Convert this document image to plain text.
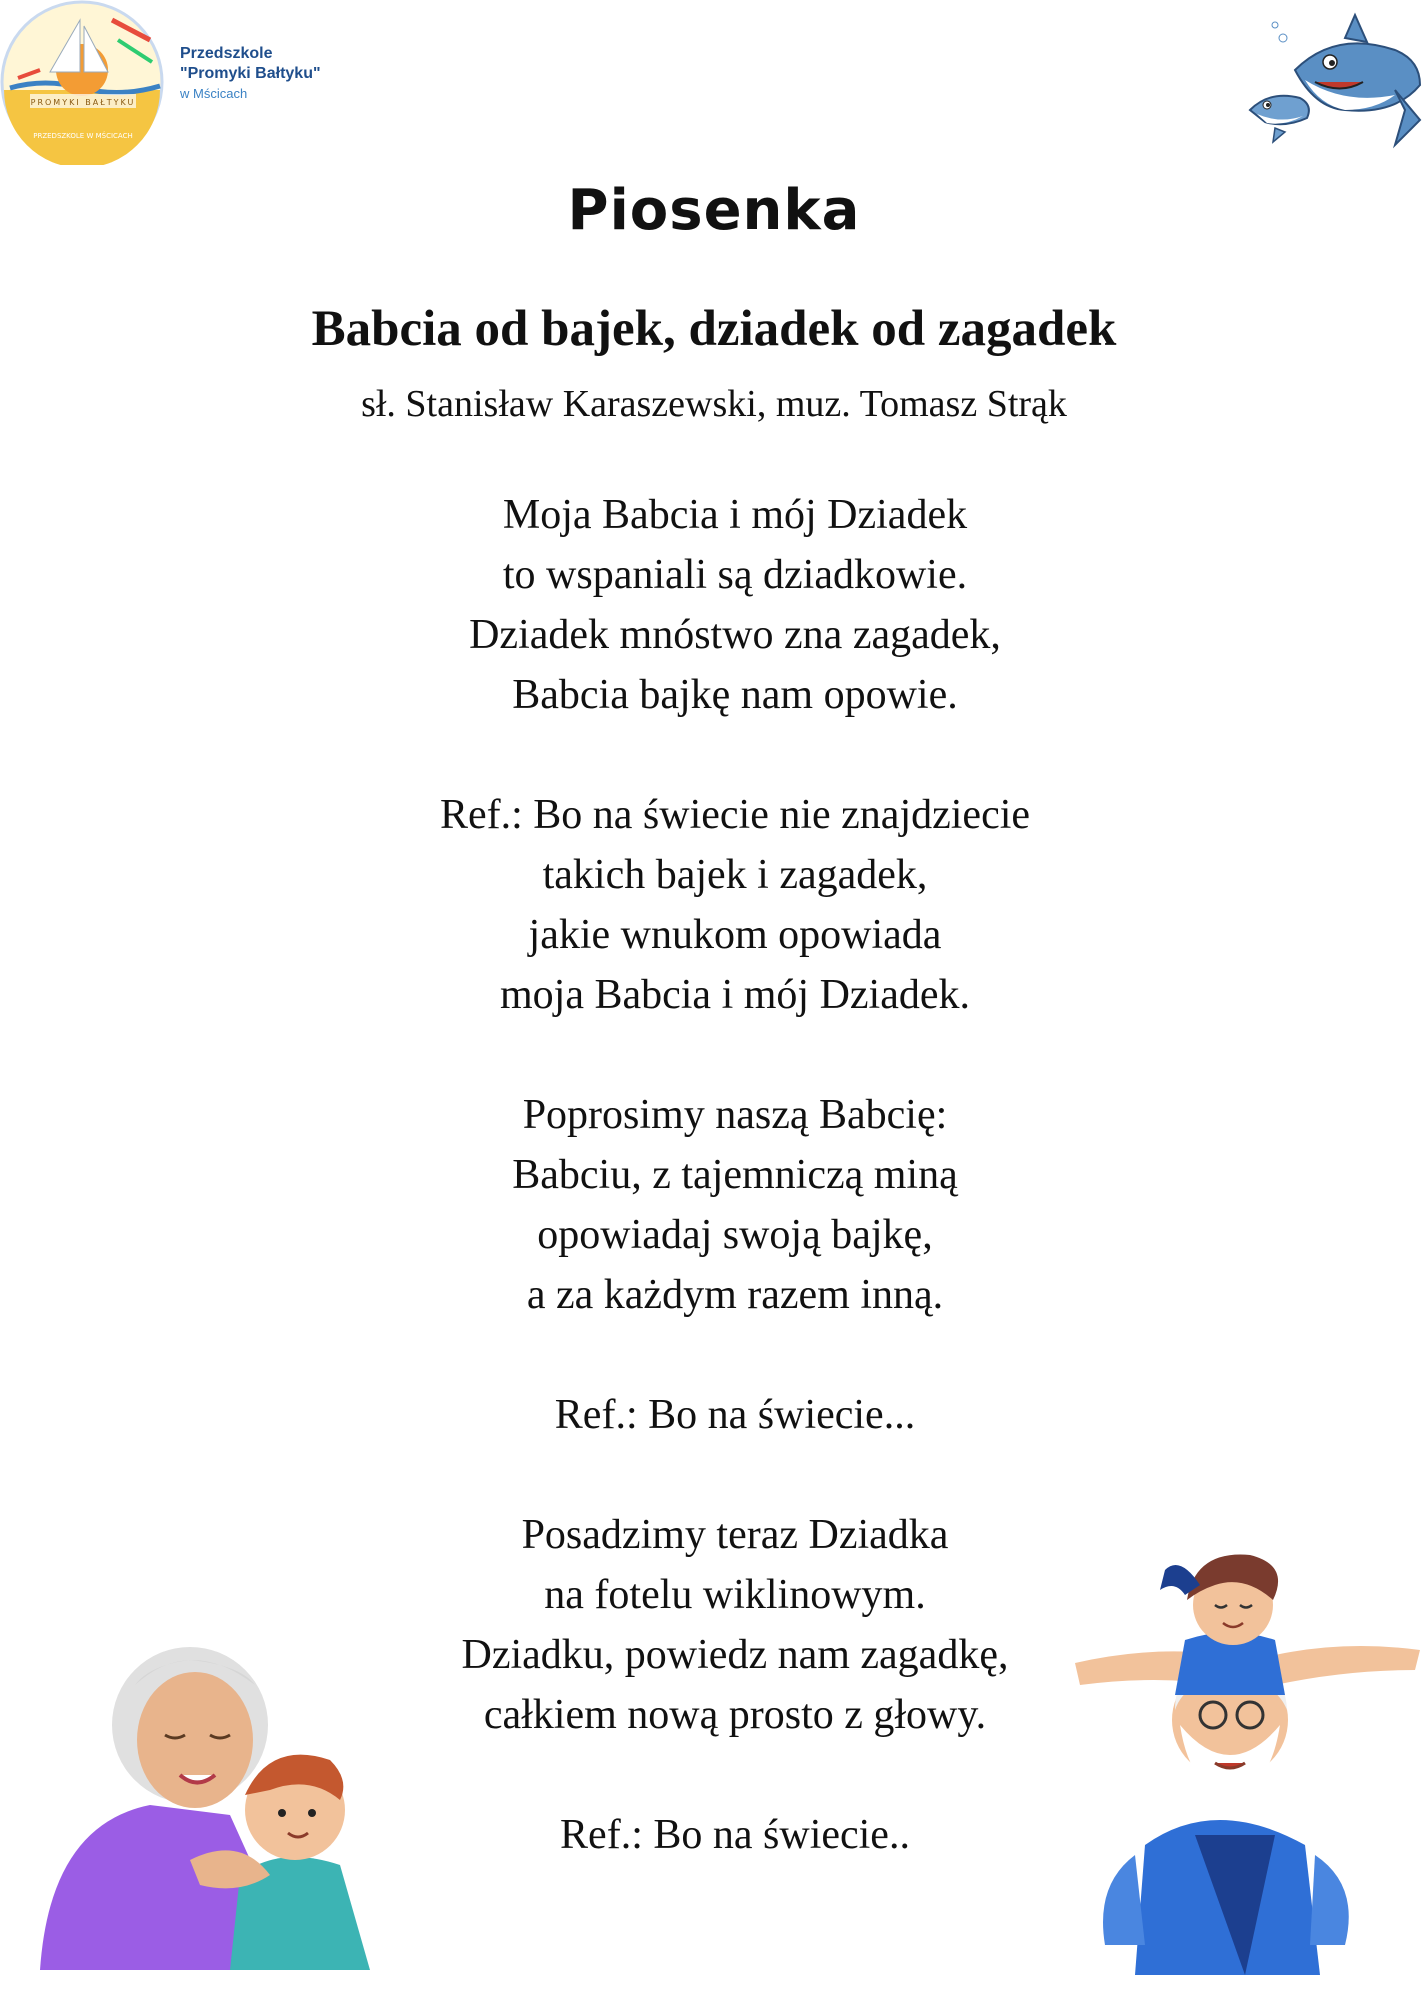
PROMYKI BAŁTYKU
PRZEDSZKOLE W MŚCICACH
Przedszkole
"Promyki Bałtyku"
w Mścicach
Piosenka
Babcia od bajek, dziadek od zagadek
sł. Stanisław Karaszewski, muz. Tomasz Strąk
Moja Babcia i mój Dziadek
to wspaniali są dziadkowie.
Dziadek mnóstwo zna zagadek,
Babcia bajkę nam opowie.
Ref.: Bo na świecie nie znajdziecie
takich bajek i zagadek,
jakie wnukom opowiada
moja Babcia i mój Dziadek.
Poprosimy naszą Babcię:
Babciu, z tajemniczą miną
opowiadaj swoją bajkę,
a za każdym razem inną.
Ref.: Bo na świecie...
Posadzimy teraz Dziadka
na fotelu wiklinowym.
Dziadku, powiedz nam zagadkę,
całkiem nową prosto z głowy.
Ref.: Bo na świecie..
